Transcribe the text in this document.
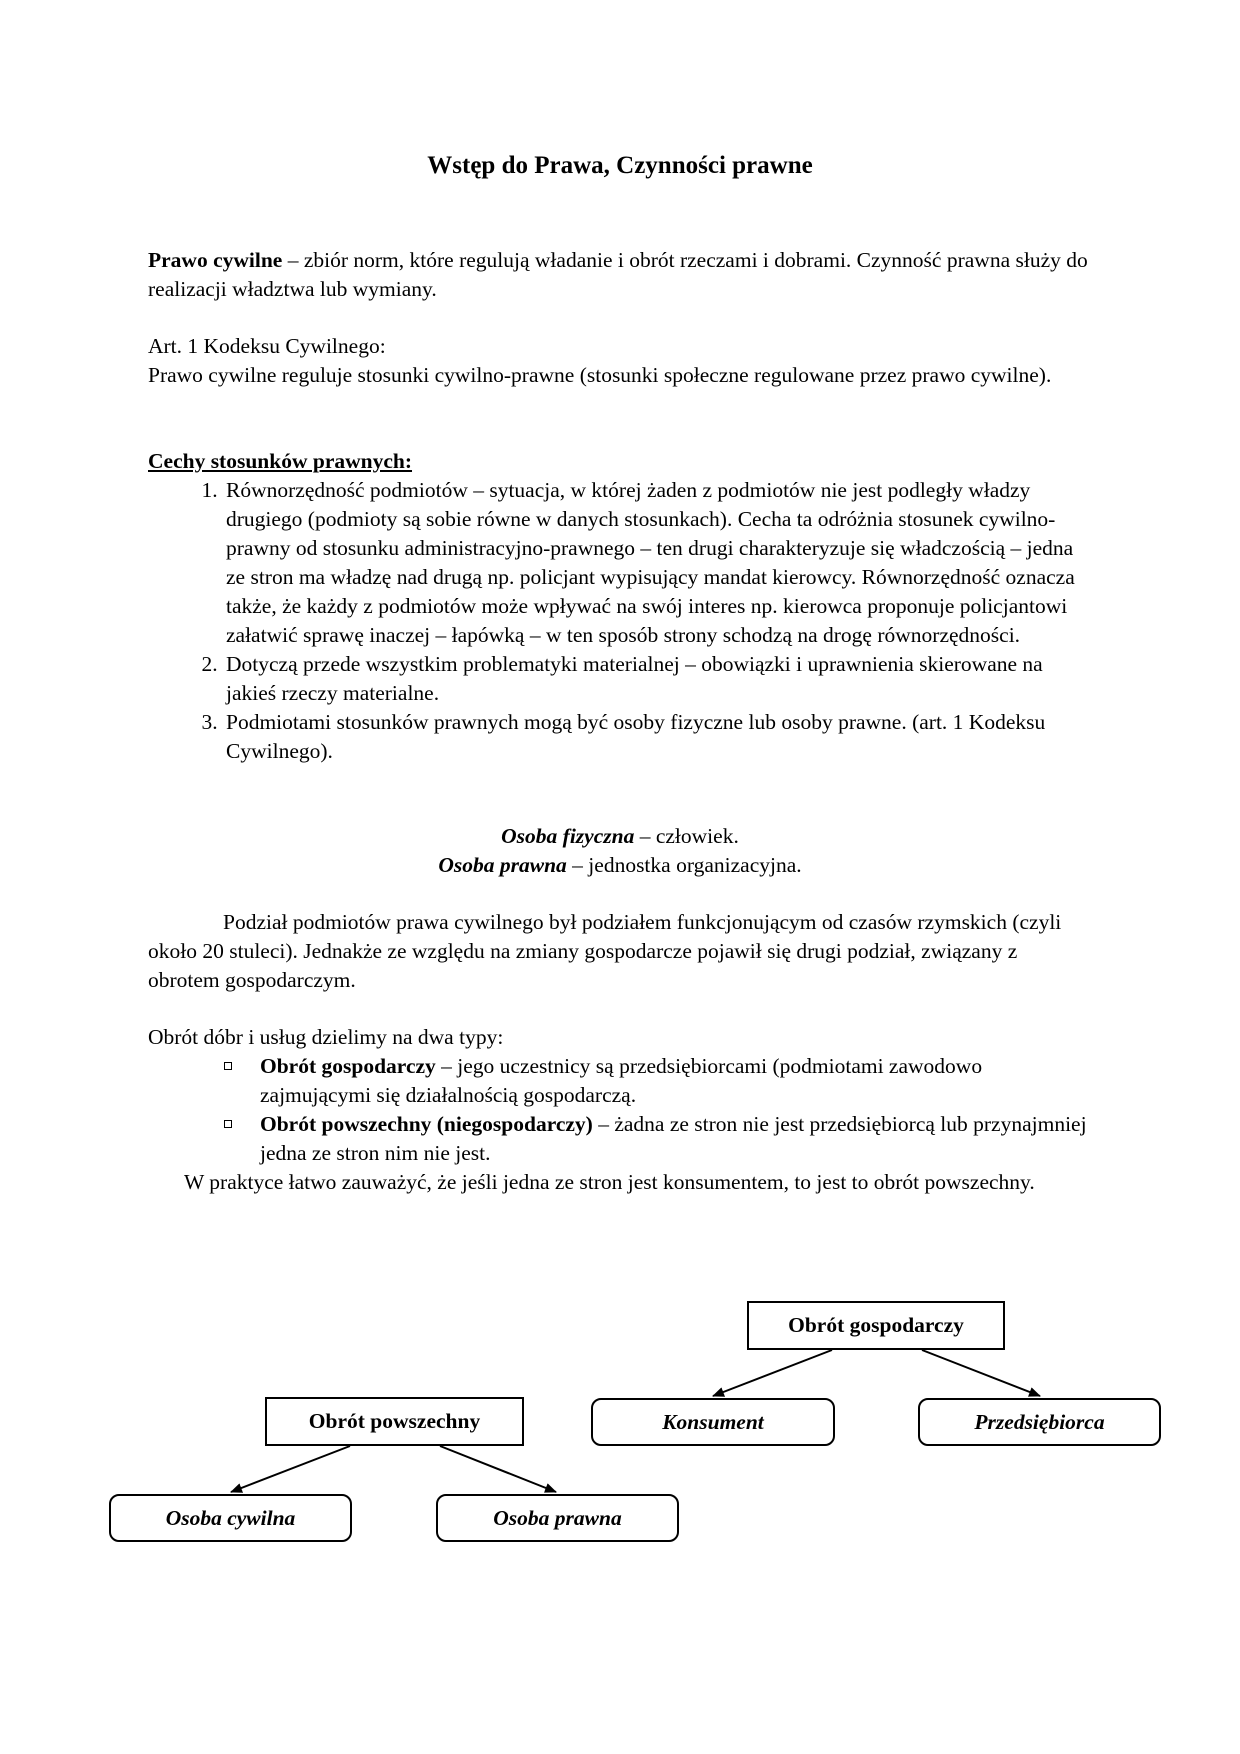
Wstęp do Prawa, Czynności prawne
Prawo cywilne – zbiór norm, które regulują władanie i obrót rzeczami i dobrami. Czynność prawna służy do realizacji władztwa lub wymiany.
Art. 1 Kodeksu Cywilnego:
Prawo cywilne reguluje stosunki cywilno-prawne (stosunki społeczne regulowane przez prawo cywilne).
Cechy stosunków prawnych:
1. Równorzędność podmiotów – sytuacja, w której żaden z podmiotów nie jest podległy władzy drugiego (podmioty są sobie równe w danych stosunkach). Cecha ta odróżnia stosunek cywilno-prawny od stosunku administracyjno-prawnego – ten drugi charakteryzuje się władczością – jedna ze stron ma władzę nad drugą np. policjant wypisujący mandat kierowcy. Równorzędność oznacza także, że każdy z podmiotów może wpływać na swój interes np. kierowca proponuje policjantowi załatwić sprawę inaczej – łapówką – w ten sposób strony schodzą na drogę równorzędności.
2. Dotyczą przede wszystkim problematyki materialnej – obowiązki i uprawnienia skierowane na jakieś rzeczy materialne.
3. Podmiotami stosunków prawnych mogą być osoby fizyczne lub osoby prawne. (art. 1 Kodeksu Cywilnego).
Osoba fizyczna – człowiek.
Osoba prawna – jednostka organizacyjna.
Podział podmiotów prawa cywilnego był podziałem funkcjonującym od czasów rzymskich (czyli około 20 stuleci). Jednakże ze względu na zmiany gospodarcze pojawił się drugi podział, związany z obrotem gospodarczym.
Obrót dóbr i usług dzielimy na dwa typy:
Obrót gospodarczy – jego uczestnicy są przedsiębiorcami (podmiotami zawodowo zajmującymi się działalnością gospodarczą.
Obrót powszechny (niegospodarczy) – żadna ze stron nie jest przedsiębiorcą lub przynajmniej jedna ze stron nim nie jest.
W praktyce łatwo zauważyć, że jeśli jedna ze stron jest konsumentem, to jest to obrót powszechny.
Obrót gospodarczy
Konsument	Przedsiębiorca
Obrót powszechny
Osoba cywilna	Osoba prawna
